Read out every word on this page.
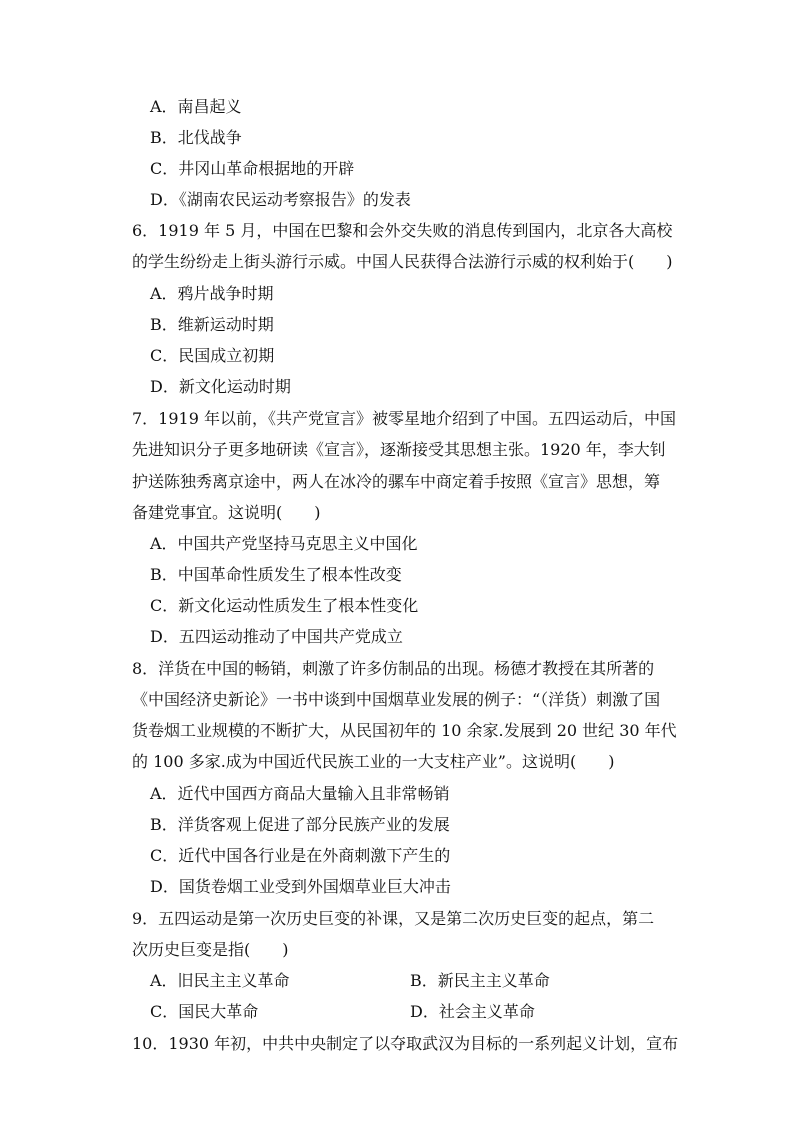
A．南昌起义
B．北伐战争
C．井冈山革命根据地的开辟
D．《湖南农民运动考察报告》的发表
6．1919 年 5 月，中国在巴黎和会外交失败的消息传到国内，北京各大高校
的学生纷纷走上街头游行示威。中国人民获得合法游行示威的权利始于(　　)
A．鸦片战争时期
B．维新运动时期
C．民国成立初期
D．新文化运动时期
7．1919 年以前，《共产党宣言》被零星地介绍到了中国。五四运动后，中国
先进知识分子更多地研读《宣言》，逐渐接受其思想主张。1920 年，李大钊
护送陈独秀离京途中，两人在冰冷的骡车中商定着手按照《宣言》思想，筹
备建党事宜。这说明(　　)
A．中国共产党坚持马克思主义中国化
B．中国革命性质发生了根本性改变
C．新文化运动性质发生了根本性变化
D．五四运动推动了中国共产党成立
8．洋货在中国的畅销，刺激了许多仿制品的出现。杨德才教授在其所著的
《中国经济史新论》一书中谈到中国烟草业发展的例子：“（洋货）刺激了国
货卷烟工业规模的不断扩大，从民国初年的 10 余家.发展到 20 世纪 30 年代
的 100 多家.成为中国近代民族工业的一大支柱产业”。这说明(　　)
A．近代中国西方商品大量输入且非常畅销
B．洋货客观上促进了部分民族产业的发展
C．近代中国各行业是在外商刺激下产生的
D．国货卷烟工业受到外国烟草业巨大冲击
9．五四运动是第一次历史巨变的补课，又是第二次历史巨变的起点，第二
次历史巨变是指(　　)
A．旧民主主义革命	B．新民主主义革命
C．国民大革命	D．社会主义革命
10．1930 年初，中共中央制定了以夺取武汉为目标的一系列起义计划，宣布
